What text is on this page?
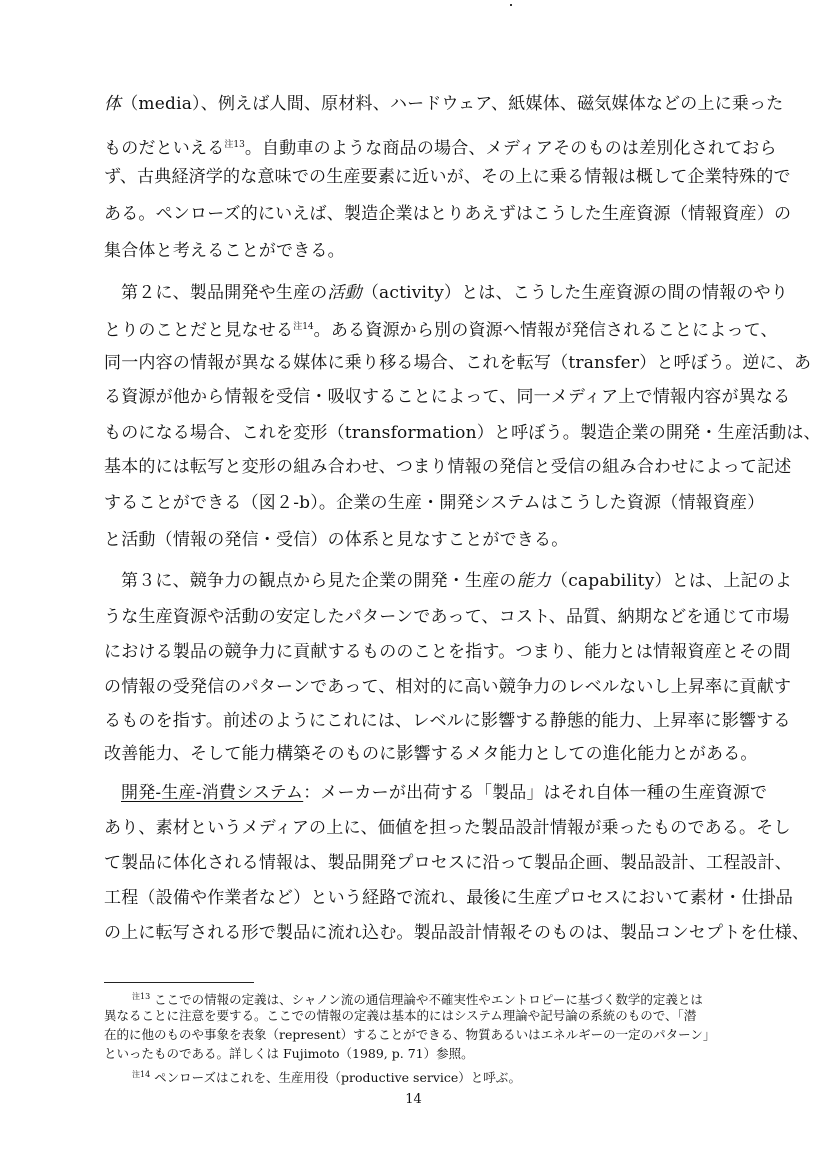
体（media）、例えば人間、原材料、ハードウェア、紙媒体、磁気媒体などの上に乗った
ものだといえる$^{注13}$。自動車のような商品の場合、メディアそのものは差別化されておら
ず、古典経済学的な意味での生産要素に近いが、その上に乗る情報は概して企業特殊的で
ある。ペンローズ的にいえば、製造企業はとりあえずはこうした生産資源（情報資産）の
集合体と考えることができる。
第２に、製品開発や生産の活動（activity）とは、こうした生産資源の間の情報のやり
とりのことだと見なせる$^{注14}$。ある資源から別の資源へ情報が発信されることによって、
同一内容の情報が異なる媒体に乗り移る場合、これを転写（transfer）と呼ぼう。逆に、あ
る資源が他から情報を受信・吸収することによって、同一メディア上で情報内容が異なる
ものになる場合、これを変形（transformation）と呼ぼう。製造企業の開発・生産活動は、
基本的には転写と変形の組み合わせ、つまり情報の発信と受信の組み合わせによって記述
することができる（図２-b）。企業の生産・開発システムはこうした資源（情報資産）
と活動（情報の発信・受信）の体系と見なすことができる。
第３に、競争力の観点から見た企業の開発・生産の能力（capability）とは、上記のよ
うな生産資源や活動の安定したパターンであって、コスト、品質、納期などを通じて市場
における製品の競争力に貢献するもののことを指す。つまり、能力とは情報資産とその間
の情報の受発信のパターンであって、相対的に高い競争力のレベルないし上昇率に貢献す
るものを指す。前述のようにこれには、レベルに影響する静態的能力、上昇率に影響する
改善能力、そして能力構築そのものに影響するメタ能力としての進化能力とがある。
開発-生産-消費システム：メーカーが出荷する「製品」はそれ自体一種の生産資源で
あり、素材というメディアの上に、価値を担った製品設計情報が乗ったものである。そし
て製品に体化される情報は、製品開発プロセスに沿って製品企画、製品設計、工程設計、
工程（設備や作業者など）という経路で流れ、最後に生産プロセスにおいて素材・仕掛品
の上に転写される形で製品に流れ込む。製品設計情報そのものは、製品コンセプトを仕様、
$^{注13}$ ここでの情報の定義は、シャノン流の通信理論や不確実性やエントロピーに基づく数学的定義とは
異なることに注意を要する。ここでの情報の定義は基本的にはシステム理論や記号論の系統のもので、「潜
在的に他のものや事象を表象（represent）することができる、物質あるいはエネルギーの一定のパターン」
といったものである。詳しくは Fujimoto（1989, p. 71）参照。
$^{注14}$ ペンローズはこれを、生産用役（productive service）と呼ぶ。
14
